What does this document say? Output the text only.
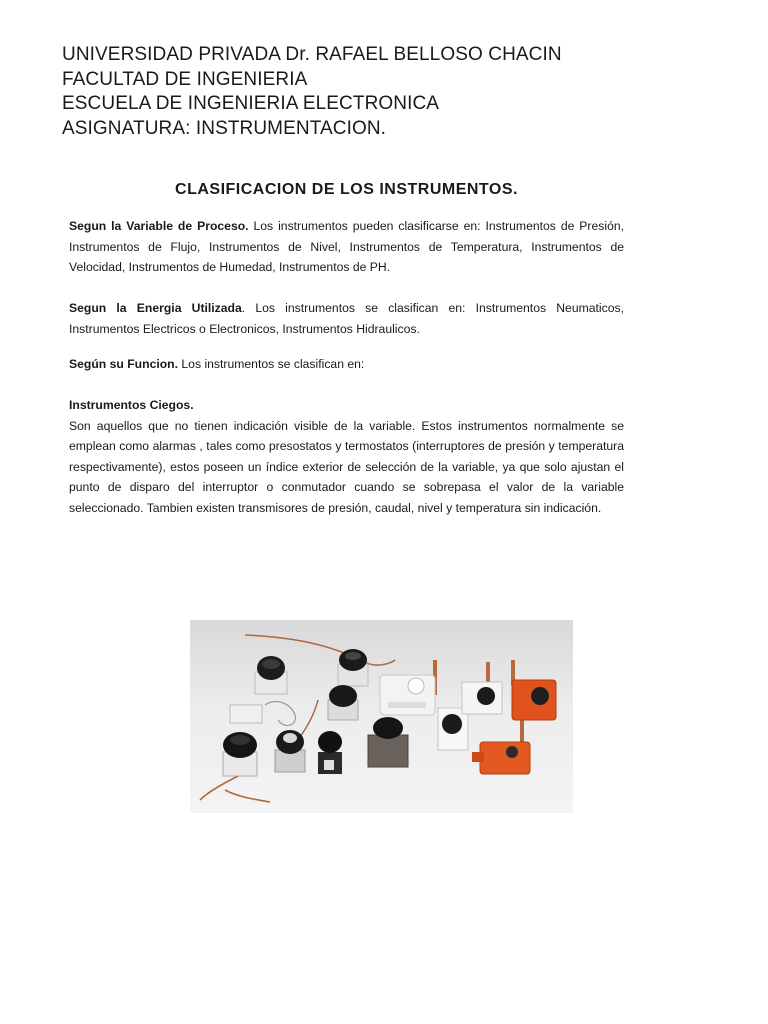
UNIVERSIDAD PRIVADA Dr. RAFAEL BELLOSO CHACIN
FACULTAD DE INGENIERIA
ESCUELA DE INGENIERIA ELECTRONICA
ASIGNATURA: INSTRUMENTACION.
CLASIFICACION DE LOS INSTRUMENTOS.
Segun la Variable de Proceso. Los instrumentos pueden clasificarse en: Instrumentos de Presión, Instrumentos de Flujo, Instrumentos de Nivel, Instrumentos de Temperatura, Instrumentos de Velocidad, Instrumentos de Humedad, Instrumentos de PH.
Segun la Energia Utilizada. Los instrumentos se clasifican en: Instrumentos Neumaticos, Instrumentos Electricos o Electronicos, Instrumentos Hidraulicos.
Según su Funcion. Los instrumentos se clasifican en:
Instrumentos Ciegos.
Son aquellos que no tienen indicación visible de la variable. Estos instrumentos normalmente se emplean como alarmas , tales como presostatos y termostatos (interruptores de presión y temperatura respectivamente), estos poseen un índice exterior de selección de la variable, ya que solo ajustan el punto de disparo del interruptor o conmutador cuando se sobrepasa el valor de la variable seleccionado. Tambien existen transmisores de presión, caudal, nivel y temperatura sin indicación.
